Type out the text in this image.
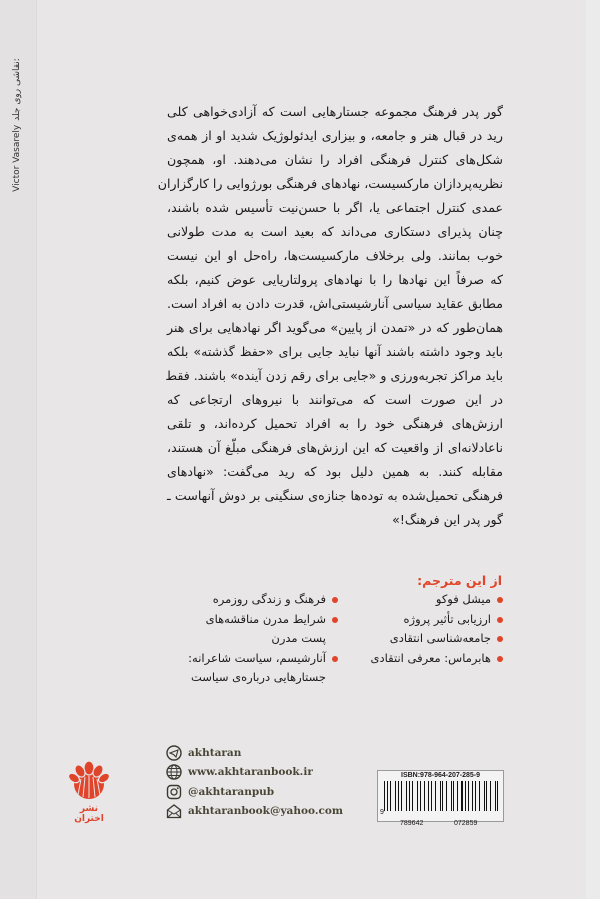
Victor Vasarely
نقاشی روی جلد:
گور پدر فرهنگ مجموعه جستارهایی است که آزادی‌خواهی کلی
رید در قبال هنر و جامعه، و بیزاری ایدئولوژیک شدید او از همه‌ی
شکل‌های کنترل فرهنگی افراد را نشان می‌دهند. او، همچون
نظریه‌پردازان مارکسیست، نهادهای فرهنگی بورژوایی را کارگزاران
عمدی کنترل اجتماعی یا، اگر با حسن‌نیت تأسیس شده باشند،
چنان پذیرای دستکاری می‌داند که بعید است به مدت طولانی
خوب بمانند. ولی برخلاف مارکسیست‌ها، راه‌حل او این نیست
که صرفاً این نهادها را با نهادهای پرولتاریایی عوض کنیم، بلکه
مطابق عقاید سیاسی آنارشیستی‌اش، قدرت دادن به افراد است.
همان‌طور که در «تمدن از پایین» می‌گوید اگر نهادهایی برای هنر
باید وجود داشته باشند آنها نباید جایی برای «حفظ گذشته» بلکه
باید مراکز تجربه‌ورزی و «جایی برای رقم زدن آینده» باشند. فقط
در این صورت است که می‌توانند با نیروهای ارتجاعی که
ارزش‌های فرهنگی خود را به افراد تحمیل کرده‌اند، و تلقی
ناعادلانه‌ای از واقعیت که این ارزش‌های فرهنگی مبلّغ آن هستند،
مقابله کنند. به همین دلیل بود که رید می‌گفت: «نهادهای
فرهنگی تحمیل‌شده به توده‌ها جنازه‌ی سنگینی بر دوش آنهاست ـ
گور پدر این فرهنگ!»
از این مترجم:
میشل فوکو
ارزیابی تأثیر پروژه
جامعه‌شناسی انتقادی
هابرماس: معرفی انتقادی
فرهنگ و زندگی روزمره
شرایط مدرن مناقشه‌های پست مدرن
آنارشیسم، سیاست شاعرانه: جستارهایی درباره‌ی سیاست
akhtaran
www.akhtaranbook.ir
@akhtaranpub
akhtaranbook@yahoo.com
ISBN:978-964-207-285-9
9
789642	072859
نشر اختران
